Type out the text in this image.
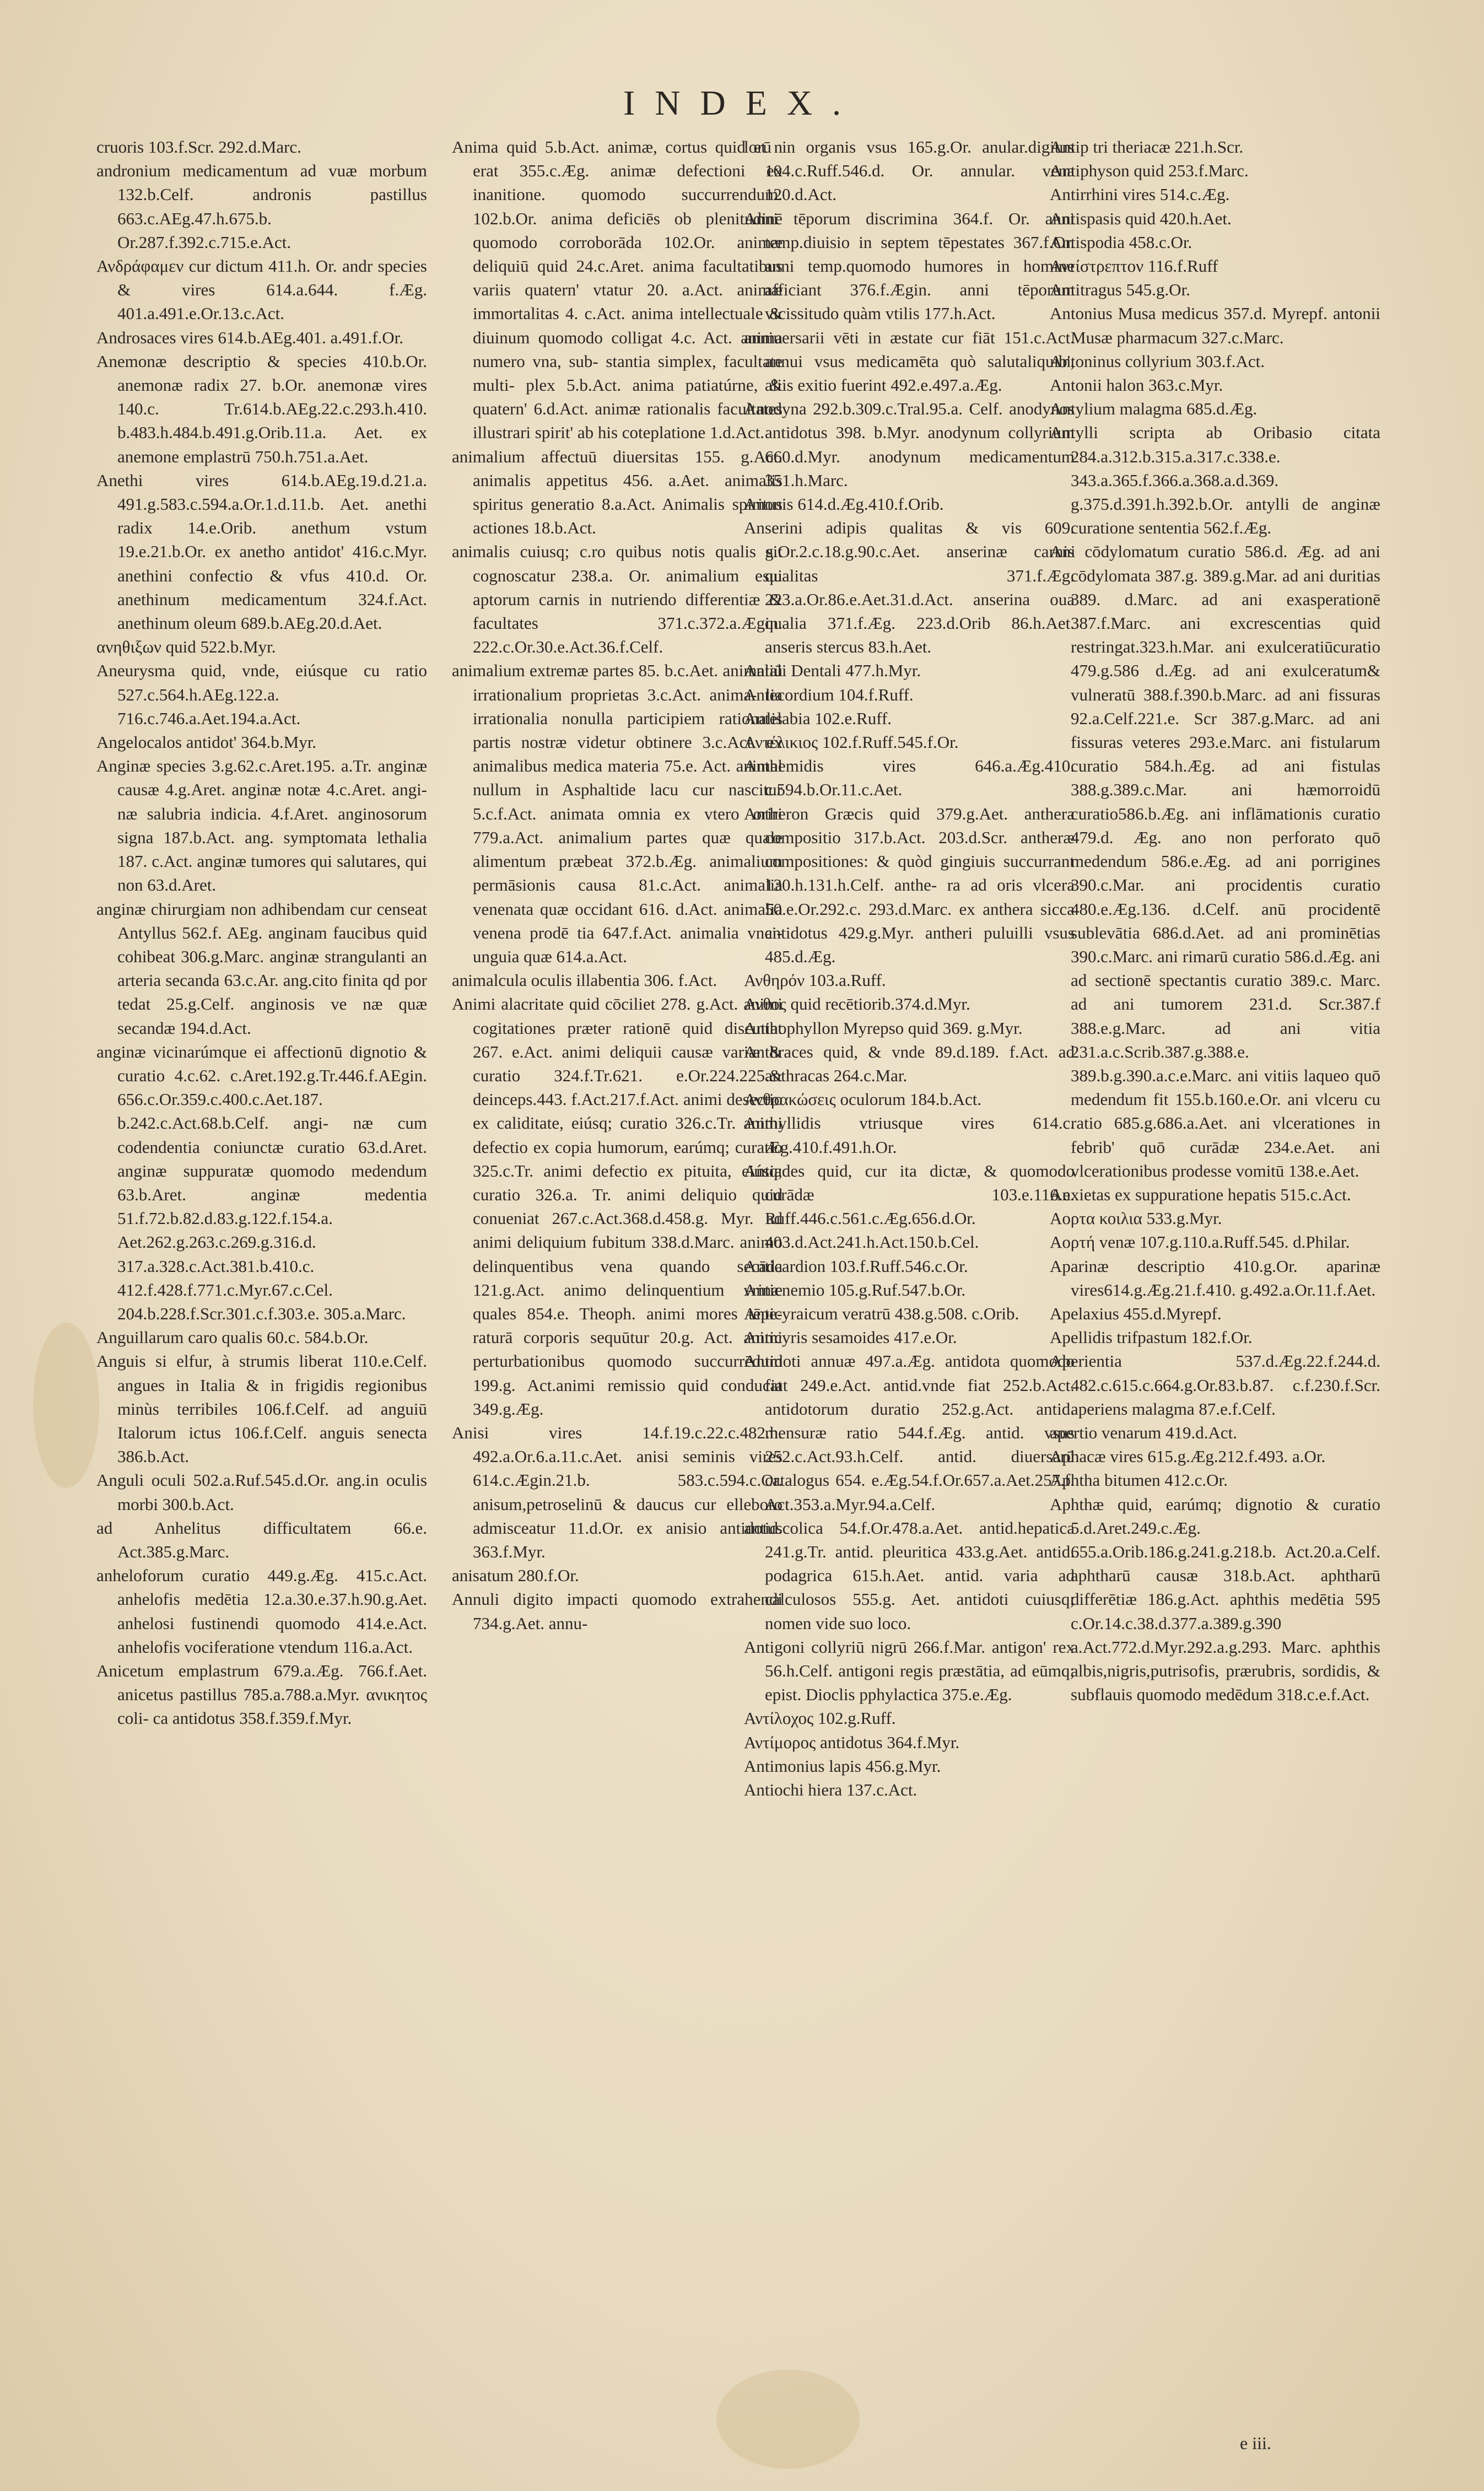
INDEX.

cruoris 103.f.Scr. 292.d.Marc.

andronium medicamentum ad vuæ morbum 132.b.Celf. andronis pastillus 663.c.AEg.47.h.675.b. Or.287.f.392.c.715.e.Act.

Ανδράφαμεν cur dictum 411.h. Or. andr species & vires 614.a.644. f.Æg. 401.a.491.e.Or.13.c.Act.

Androsaces vires 614.b.AEg.401. a.491.f.Or.

Anemonæ descriptio & species 410.b.Or. anemonæ radix 27. b.Or. anemonæ vires 140.c. Tr.614.b.AEg.22.c.293.h.410. b.483.h.484.b.491.g.Orib.11.a. Aet. ex anemone emplastrū 750.h.751.a.Aet.

Anethi vires 614.b.AEg.19.d.21.a. 491.g.583.c.594.a.Or.1.d.11.b. Aet. anethi radix 14.e.Orib. anethum vstum 19.e.21.b.Or. ex anetho antidot' 416.c.Myr. anethini confectio & vfus 410.d. Or. anethinum medicamentum 324.f.Act. anethinum oleum 689.b.AEg.20.d.Aet.

ανηθιξων quid 522.b.Myr.

Aneurysma quid, vnde, eiúsque cu ratio 527.c.564.h.AEg.122.a. 716.c.746.a.Aet.194.a.Act.

Angelocalos antidot' 364.b.Myr.

Anginæ species 3.g.62.c.Aret.195. a.Tr. anginæ causæ 4.g.Aret. anginæ notæ 4.c.Aret. angi- næ salubria indicia. 4.f.Aret. anginosorum signa 187.b.Act. ang. symptomata lethalia 187. c.Act. anginæ tumores qui salutares, qui non 63.d.Aret.

anginæ chirurgiam non adhibendam cur censeat Antyllus 562.f. AEg. anginam faucibus quid cohibeat 306.g.Marc. anginæ strangulanti an arteria secanda 63.c.Ar. ang.cito finita qd por tedat 25.g.Celf. anginosis ve næ quæ secandæ 194.d.Act.

anginæ vicinarúmque ei affectionū dignotio & curatio 4.c.62. c.Aret.192.g.Tr.446.f.AEgin. 656.c.Or.359.c.400.c.Aet.187. b.242.c.Act.68.b.Celf. angi- næ cum codendentia coniunctæ curatio 63.d.Aret. anginæ suppuratæ quomodo medendum 63.b.Aret. anginæ medentia 51.f.72.b.82.d.83.g.122.f.154.a. Aet.262.g.263.c.269.g.316.d. 317.a.328.c.Act.381.b.410.c. 412.f.428.f.771.c.Myr.67.c.Cel. 204.b.228.f.Scr.301.c.f.303.e. 305.a.Marc.

Anguillarum caro qualis 60.c. 584.b.Or.

Anguis si elfur, à strumis liberat 110.e.Celf. angues in Italia & in frigidis regionibus minùs terribiles 106.f.Celf. ad anguiū Italorum ictus 106.f.Celf. anguis senecta 386.b.Act.

Anguli oculi 502.a.Ruf.545.d.Or. ang.in oculis morbi 300.b.Act.

ad Anhelitus difficultatem 66.e. Act.385.g.Marc.

anheloforum curatio 449.g.Æg. 415.c.Act. anhelofis medētia 12.a.30.e.37.h.90.g.Aet. anhelosi fustinendi quomodo 414.e.Act. anhelofis vociferatione vtendum 116.a.Act.

Anicetum emplastrum 679.a.Æg. 766.f.Aet. anicetus pastillus 785.a.788.a.Myr. ανικητος coli- ca antidotus 358.f.359.f.Myr.

Anima quid 5.b.Act. animæ, cortus quid et n erat 355.c.Æg. animæ defectioni ex inanitione. quomodo succurrendum. 102.b.Or. anima deficiēs ob plenitudinē quomodo corroborāda 102.Or. animæ deliquiū quid 24.c.Aret. anima facultatibus variis quatern' vtatur 20. a.Act. animæ immortalitas 4. c.Act. anima intellectuale & diuinum quomodo colligat 4.c. Act. anima numero vna, sub- stantia simplex, facultate multi- plex 5.b.Act. anima patiatúrne, & quatern' 6.d.Act. animæ rationalis facultates illustrari spirit' ab his coteplatione 1.d.Act.

animalium affectuū diuersitas 155. g.Act. animalis appetitus 456. a.Aet. animalis spiritus generatio 8.a.Act. Animalis spiritus actiones 18.b.Act.

animalis cuiusq; c.ro quibus notis qualis sit cognoscatur 238.a. Or. animalium esui aptorum carnis in nutriendo differentiæ & facultates 371.c.372.a.Ægin. 222.c.Or.30.e.Act.36.f.Celf.

animalium extremæ partes 85. b.c.Aet. animaliū irrationalium proprietas 3.c.Act. anima- lia irrationalia nonulla participiem rationalis partis nostræ videtur obtinere 3.c.Act. ex animalibus medica materia 75.e. Act. animal nullum in Asphaltide lacu cur nascitur 5.c.f.Act. animata omnia ex vtero oriri 779.a.Act. animalium partes quæ quale alimentum præbeat 372.b.Æg. animalium permāsionis causa 81.c.Act. animalia venenata quæ occidant 616. d.Act. animalia venena prodē tia 647.f.Act. animalia vnci- unguia quæ 614.a.Act.

animalcula oculis illabentia 306. f.Act.

Animi alacritate quid cōciliet 278. g.Act. animi cogitationes præter rationē quid discutiat 267. e.Act. animi deliquii causæ variæ & curatio 324.f.Tr.621. e.Or.224.225.& deinceps.443. f.Act.217.f.Act. animi desectio ex caliditate, eiúsq; curatio 326.c.Tr. animi defectio ex copia humorum, earúmq; curatio 325.c.Tr. animi defectio ex pituita, eiúsq; curatio 326.a. Tr. animi deliquio quid conueniat 267.c.Act.368.d.458.g. Myr. ad animi deliquium fubitum 338.d.Marc. animo delinquentibus vena quando secāda 121.g.Act. animo delinquentium vrinæ quales 854.e. Theoph. animi mores tēpe- raturā corporis sequūtur 20.g. Act. animi perturbationibus quomodo succurrēdum 199.g. Act.animi remissio quid conducat 349.g.Æg.

Anisi vires 14.f.19.c.22.c.482.h. 492.a.Or.6.a.11.c.Aet. anisi seminis vires 614.c.Ægin.21.b. 583.c.594.c.Or. anisum,petroselinū & daucus cur elleboro admisceatur 11.d.Or. ex anisio antidotus 363.f.Myr.

anisatum 280.f.Or.

Annuli digito impacti quomodo extrahendi 734.g.Aet. annu-

lorū in organis vsus 165.g.Or. anular.digitus 104.c.Ruff.546.d. Or. annular. vena 120.d.Act.

Anni tēporum discrimina 364.f. Or. anni temp.diuisio in septem tēpestates 367.f.Or. anni temp.quomodo humores in homine afficiant 376.f.Ægin. anni tēporum vicissitudo quàm vtilis 177.h.Act.

anniuersarii vēti in æstate cur fiāt 151.c.Act. annui vsus medicamēta quò salutaliquib', aliis exitio fuerint 492.e.497.a.Æg.

Anodyna 292.b.309.c.Tral.95.a. Celf. anodynos antidotus 398. b.Myr. anodynum collyrium 660.d.Myr. anodynum medicamentum 351.h.Marc.

Anonis 614.d.Æg.410.f.Orib.

Anserini adipis qualitas & vis 609. g.Or.2.c.18.g.90.c.Aet. anserinæ carnis qualitas 371.f.Æg. 223.a.Or.86.e.Aet.31.d.Act. anserina oua qualia 371.f.Æg. 223.d.Orib 86.h.Aet. anseris stercus 83.h.Aet.

Antali Dentali 477.h.Myr.

Antecordium 104.f.Ruff.

Antelabia 102.e.Ruff.

Αντέλικιος 102.f.Ruff.545.f.Or.

Anthemidis vires 646.a.Æg.410. c.594.b.Or.11.c.Aet.

Antheron Græcis quid 379.g.Aet. anthera compositio 317.b.Act. 203.d.Scr. antheræ compositiones: & quòd gingiuis succurrant 130.h.131.h.Celf. anthe- ra ad oris vlcera 50.e.Or.292.c. 293.d.Marc. ex anthera sicca antidotus 429.g.Myr. antheri puluilli vsus 485.d.Æg.

Ανθηρόν 103.a.Ruff.

Ανθος quid recētiorib.374.d.Myr.

Anthophyllon Myrepso quid 369. g.Myr.

Anthraces quid, & vnde 89.d.189. f.Act. ad anthracas 264.c.Mar.

Ανθρακώσεις oculorum 184.b.Act.

Anthyllidis vtriusque vires 614.c. Æg.410.f.491.h.Or.

Antiades quid, cur ita dictæ, & quomodo curādæ 103.e.116.e. Ruff.446.c.561.c.Æg.656.d.Or. 403.d.Act.241.h.Act.150.b.Cel.

Anticardion 103.f.Ruff.546.c.Or.

Anticnemio 105.g.Ruf.547.b.Or.

Anticyraicum veratrū 438.g.508. c.Orib.

Anticyris sesamoides 417.e.Or.

Antidoti annuæ 497.a.Æg. antidota quomodo fiat 249.e.Act. antid.vnde fiat 252.b.Act. antidotorum duratio 252.g.Act. antid. mensuræ ratio 544.f.Æg. antid. vsus 252.c.Act.93.h.Celf. antid. diuersarū catalogus 654. e.Æg.54.f.Or.657.a.Aet.257.f. Act.353.a.Myr.94.a.Celf.

antid.colica 54.f.Or.478.a.Aet. antid.hepatica 241.g.Tr. antid. pleuritica 433.g.Aet. antid. podagrica 615.h.Aet. antid. varia ad calculosos 555.g. Aet. antidoti cuiusq; nomen vide suo loco.

Antigoni collyriū nigrū 266.f.Mar. antigon' rex 56.h.Celf. antigoni regis præstātia, ad eūmq; epist. Dioclis pphylactica 375.e.Æg.

Αντίλοχος 102.g.Ruff.

Αντίμορος antidotus 364.f.Myr.

Antimonius lapis 456.g.Myr.

Antiochi hiera 137.c.Act.

Antip tri theriacæ 221.h.Scr.

Antiphyson quid 253.f.Marc.

Antirrhini vires 514.c.Æg.

Antispasis quid 420.h.Aet.

Antispodia 458.c.Or.

Αντίστρεπτον 116.f.Ruff

Antitragus 545.g.Or.

Antonius Musa medicus 357.d. Myrepf. antonii Musæ pharmacum 327.c.Marc.

Antoninus collyrium 303.f.Act.

Antonii halon 363.c.Myr.

Antylium malagma 685.d.Æg.

Antylli scripta ab Oribasio citata 284.a.312.b.315.a.317.c.338.e. 343.a.365.f.366.a.368.a.d.369. g.375.d.391.h.392.b.Or. antylli de anginæ curatione sententia 562.f.Æg.

Ani cōdylomatum curatio 586.d. Æg. ad ani cōdylomata 387.g. 389.g.Mar. ad ani duritias 389. d.Marc. ad ani exasperationē 387.f.Marc. ani excrescentias quid restringat.323.h.Mar. ani exulceratiūcuratio 479.g.586 d.Æg. ad ani exulceratum& vulneratū 388.f.390.b.Marc. ad ani fissuras 92.a.Celf.221.e. Scr 387.g.Marc. ad ani fissuras veteres 293.e.Marc. ani fistularum curatio 584.h.Æg. ad ani fistulas 388.g.389.c.Mar. ani hæmorroidū curatio586.b.Æg. ani inflāmationis curatio 479.d. Æg. ano non perforato quō medendum 586.e.Æg. ad ani porrigines 390.c.Mar. ani procidentis curatio 480.e.Æg.136. d.Celf. anū procidentē sublevātia 686.d.Aet. ad ani prominētias 390.c.Marc. ani rimarū curatio 586.d.Æg. ani ad sectionē spectantis curatio 389.c. Marc. ad ani tumorem 231.d. Scr.387.f 388.e.g.Marc. ad ani vitia 231.a.c.Scrib.387.g.388.e. 389.b.g.390.a.c.e.Marc. ani vitiis laqueo quō medendum fit 155.b.160.e.Or. ani vlceru cu ratio 685.g.686.a.Aet. ani vlcerationes in febrib' quō curādæ 234.e.Aet. ani vlcerationibus prodesse vomitū 138.e.Aet.

Anxietas ex suppuratione hepatis 515.c.Act.

Αορτα κοιλια 533.g.Myr.

Αορτή venæ 107.g.110.a.Ruff.545. d.Philar.

Aparinæ descriptio 410.g.Or. aparinæ vires614.g.Æg.21.f.410. g.492.a.Or.11.f.Aet.

Apelaxius 455.d.Myrepf.

Apellidis trifpastum 182.f.Or.

Aperientia 537.d.Æg.22.f.244.d. 482.c.615.c.664.g.Or.83.b.87. c.f.230.f.Scr. aperiens malagma 87.e.f.Celf.

apertio venarum 419.d.Act.

Aphacæ vires 615.g.Æg.212.f.493. a.Or.

Aphtha bitumen 412.c.Or.

Aphthæ quid, earúmq; dignotio & curatio 5.d.Aret.249.c.Æg. 655.a.Orib.186.g.241.g.218.b. Act.20.a.Celf. aphtharū causæ 318.b.Act. aphtharū differētiæ 186.g.Act. aphthis medētia 595 c.Or.14.c.38.d.377.a.389.g.390 a.Act.772.d.Myr.292.a.g.293. Marc. aphthis albis,nigris,putrisofis, prærubris, sordidis, & subflauis quomodo medēdum 318.c.e.f.Act.

e iii.
